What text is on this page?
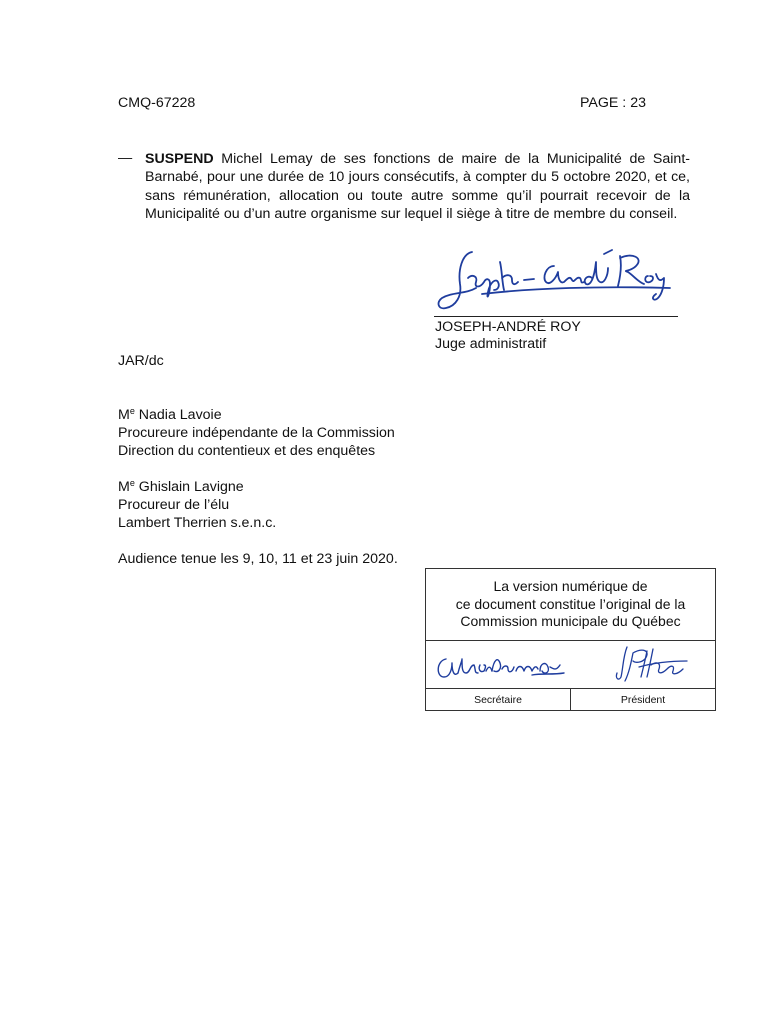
CMQ-67228	PAGE : 23
— SUSPEND Michel Lemay de ses fonctions de maire de la Municipalité de Saint-Barnabé, pour une durée de 10 jours consécutifs, à compter du 5 octobre 2020, et ce, sans rémunération, allocation ou toute autre somme qu’il pourrait recevoir de la Municipalité ou d’un autre organisme sur lequel il siège à titre de membre du conseil.
JOSEPH-ANDRÉ ROY
Juge administratif
JAR/dc
Me Nadia Lavoie
Procureure indépendante de la Commission
Direction du contentieux et des enquêtes
Me Ghislain Lavigne
Procureur de l’élu
Lambert Therrien s.e.n.c.
Audience tenue les 9, 10, 11 et 23 juin 2020.
La version numérique de
ce document constitue l’original de la
Commission municipale du Québec
Secrétaire	Président
